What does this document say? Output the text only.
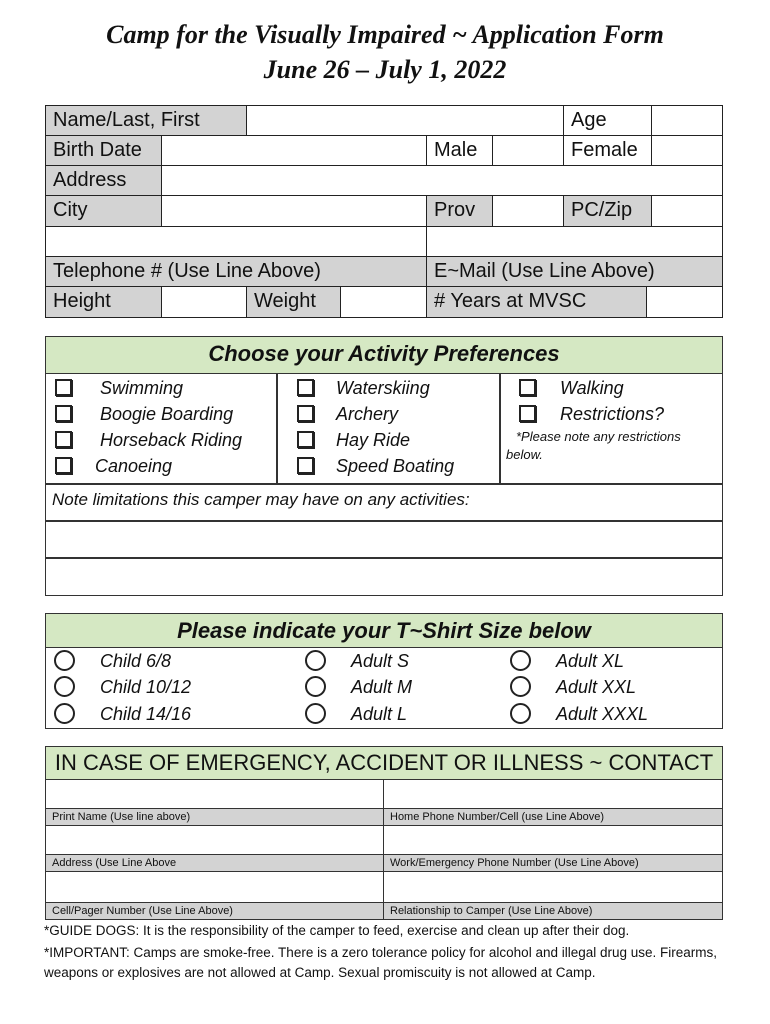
Camp for the Visually Impaired ~ Application Form
June 26 – July 1, 2022
Name/Last, First	Age
Birth Date	Male	Female
Address
City	Prov	PC/Zip
Telephone # (Use Line Above)	E~Mail (Use Line Above)
Height	Weight	# Years at MVSC
Choose your Activity Preferences
Swimming
Boogie Boarding
Horseback Riding
Canoeing
Waterskiing
Archery
Hay Ride
Speed Boating
Walking
Restrictions?
*Please note any restrictions below.
Note limitations this camper may have on any activities:
Please indicate your T~Shirt Size below
Child 6/8
Child 10/12
Child 14/16
Adult S
Adult M
Adult L
Adult XL
Adult XXL
Adult XXXL
IN CASE OF EMERGENCY, ACCIDENT OR ILLNESS ~ CONTACT
Print Name (Use line above)	Home Phone Number/Cell (use Line Above)
Address (Use Line Above	Work/Emergency Phone Number (Use Line Above)
Cell/Pager Number (Use Line Above)	Relationship to Camper (Use Line Above)
*GUIDE DOGS: It is the responsibility of the camper to feed, exercise and clean up after their dog.
*IMPORTANT: Camps are smoke-free. There is a zero tolerance policy for alcohol and illegal drug use. Firearms, weapons or explosives are not allowed at Camp. Sexual promiscuity is not allowed at Camp.
